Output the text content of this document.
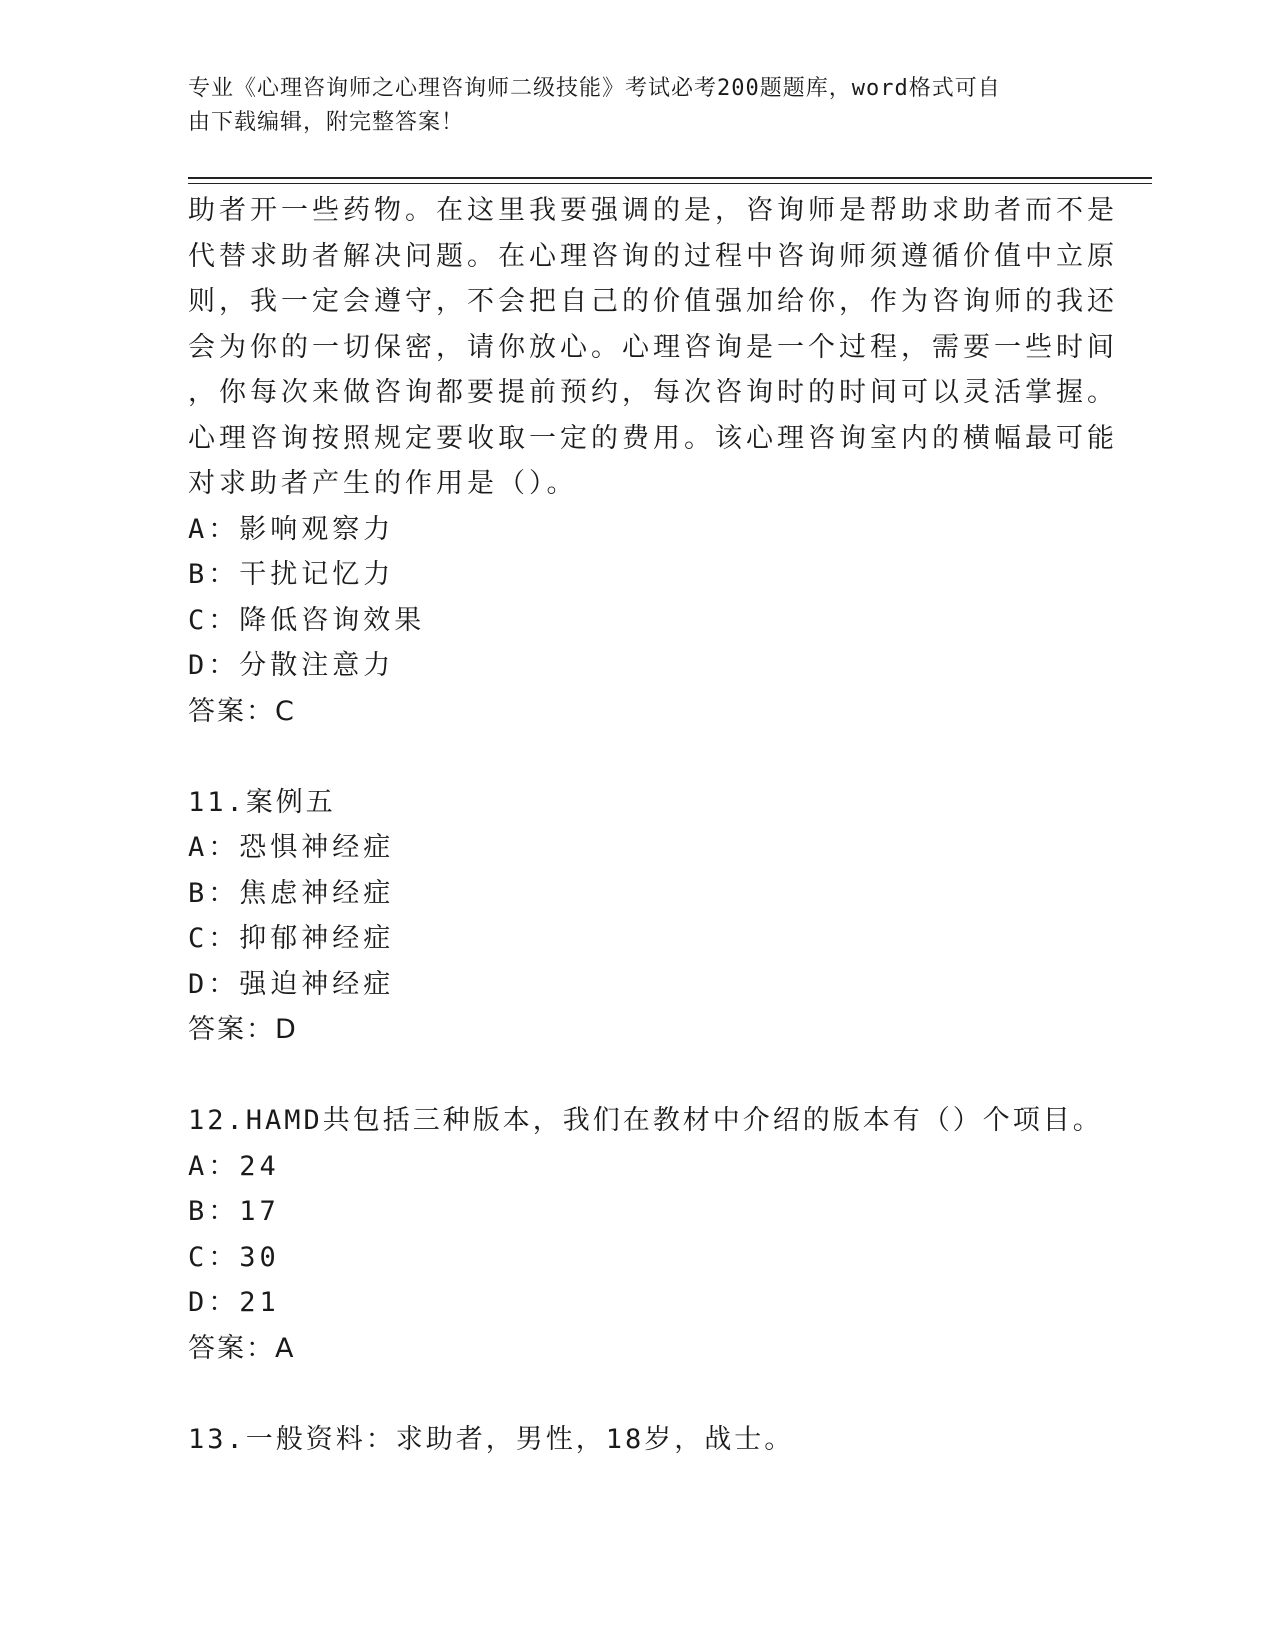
专业《心理咨询师之心理咨询师二级技能》考试必考200题题库，word格式可自
由下载编辑，附完整答案！
助者开一些药物。在这里我要强调的是，咨询师是帮助求助者而不是
代替求助者解决问题。在心理咨询的过程中咨询师须遵循价值中立原
则，我一定会遵守，不会把自己的价值强加给你，作为咨询师的我还
会为你的一切保密，请你放心。心理咨询是一个过程，需要一些时间
，你每次来做咨询都要提前预约，每次咨询时的时间可以灵活掌握。
心理咨询按照规定要收取一定的费用。该心理咨询室内的横幅最可能
对求助者产生的作用是（）。
A：影响观察力
B：干扰记忆力
C：降低咨询效果
D：分散注意力
答案：C
11.案例五
A：恐惧神经症
B：焦虑神经症
C：抑郁神经症
D：强迫神经症
答案：D
12.HAMD共包括三种版本，我们在教材中介绍的版本有（）个项目。
A：24
B：17
C：30
D：21
答案：A
13.一般资料：求助者，男性，18岁，战士。
